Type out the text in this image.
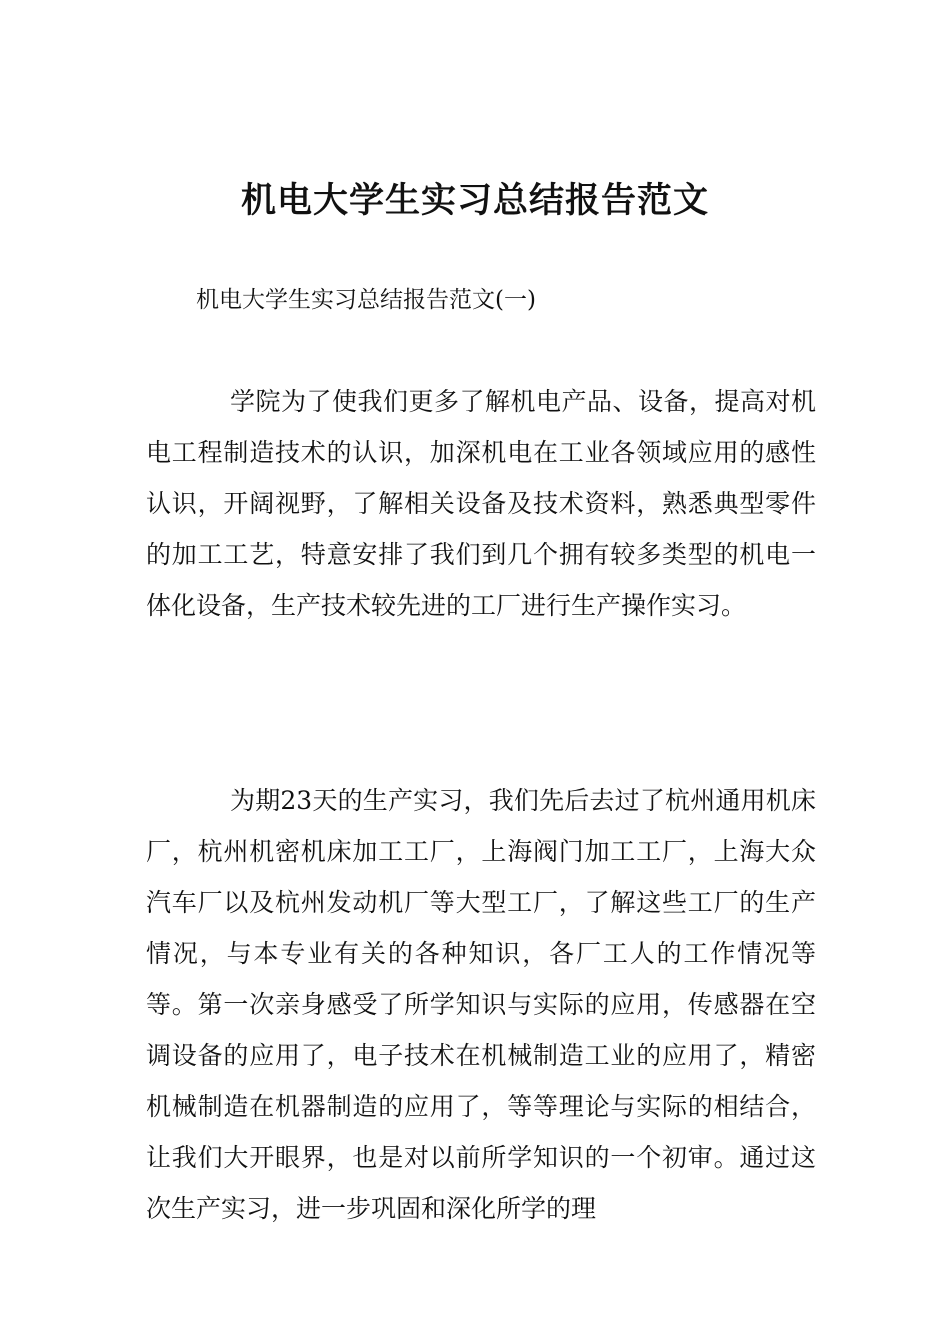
机电大学生实习总结报告范文
机电大学生实习总结报告范文(一)

学院为了使我们更多了解机电产品、设备，提高对机电工程制造技术的认识，加深机电在工业各领域应用的感性认识，开阔视野，了解相关设备及技术资料，熟悉典型零件的加工工艺，特意安排了我们到几个拥有较多类型的机电一体化设备，生产技术较先进的工厂进行生产操作实习。

为期23天的生产实习，我们先后去过了杭州通用机床厂，杭州机密机床加工工厂，上海阀门加工工厂，上海大众汽车厂以及杭州发动机厂等大型工厂，了解这些工厂的生产情况，与本专业有关的各种知识，各厂工人的工作情况等等。第一次亲身感受了所学知识与实际的应用，传感器在空调设备的应用了，电子技术在机械制造工业的应用了，精密机械制造在机器制造的应用了，等等理论与实际的相结合，让我们大开眼界，也是对以前所学知识的一个初审。通过这次生产实习，进一步巩固和深化所学的理
